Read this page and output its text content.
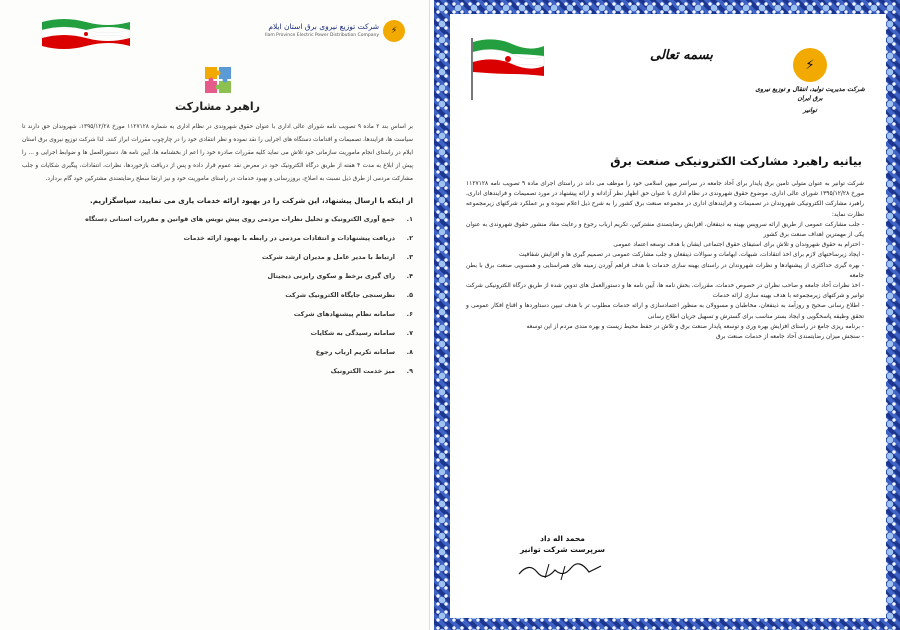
⚡
شرکت توزیع نیروی برق استان ایلام
Ilam Province Electric Power Distribution Company
راهبرد مشارکت

بر اساس بند ۲ ماده ۹ تصویب نامه شورای عالی اداری با عنوان حقوق شهروندی در نظام اداری به شماره ۱۱۲۷۱۲۸ مورخ ۱۳۹۵/۱۲/۲۸، شهروندان حق دارند تا سیاست ها، فرایندها، تصمیمات و اقدامات دستگاه های اجرایی را نقد نموده و نظر انتقادی خود را در چارچوب مقررات ابراز کنند. لذا شرکت توزیع نیروی برق استان ایلام در راستای انجام ماموریت سازمانی خود تلاش می نماید کلیه مقررات صادره خود را اعم از بخشنامه ها، آیین نامه ها، دستورالعمل ها و ضوابط اجرایی و ... را پیش از ابلاغ به مدت ۴ هفته از طریق درگاه الکترونیک خود در معرض نقد عموم قرار داده و پس از دریافت بازخوردها، نظرات، انتقادات، پیگیری شکایات و جلب مشارکت مردمی از طرق ذیل نسبت به اصلاح، بروزرسانی و بهبود خدمات در راستای ماموریت خود و نیز ارتقا سطح رضایتمندی مشترکین خود گام بردارد.

از اینکه با ارسال پیشنهاد، این شرکت را در بهبود ارائه خدمات یاری می نمایید، سپاسگزاریم.
۱.
جمع آوری الکترونیک و تحلیل نظرات مردمی روی پیش نویس های قوانین و مقررات استانی دستگاه
۲.
دریافت پیشنهادات و انتقادات مردمی در رابطه با بهبود ارائه خدمات
۳.
ارتباط با مدیر عامل و مدیران ارشد شرکت
۴.
رای گیری برخط و سکوی رایزنی دیجیتال
۵.
نظرسنجی جایگاه الکترونیک شرکت
۶.
سامانه نظام پیشنهادهای شرکت
۷.
سامانه رسیدگی به شکایات
۸.
سامانه تکریم ارباب رجوع
۹.
میز خدمت الکترونیک
بسمه تعالی
⚡
شرکت مدیریت تولید، انتقال و توزیع نیروی برق ایران
توانیر
بیانیه راهبرد مشارکت الکترونیکی صنعت برق

شرکت توانیر به عنوان متولی تامین برق پایدار برای آحاد جامعه در سراسر میهن اسلامی خود را موظف می داند در راستای اجرای ماده ۹ تصویب نامه ۱۱۲۷۱۲۸ مورخ ۱۳۹۵/۱۲/۲۸ شورای عالی اداری، موضوع حقوق شهروندی در نظام اداری با عنوان حق اظهار نظر آزادانه و ارائه پیشنهاد در مورد تصمیمات و فرایندهای اداری، راهبرد مشارکت الکترونیکی شهروندان در تصمیمات و فرایندهای اداری در مجموعه صنعت برق کشور را به شرح ذیل اعلام نموده و بر عملکرد شرکتهای زیرمجموعه نظارت نماید:

- جلب مشارکت عمومی از طریق ارائه سرویس بهینه به ذینفعان، افزایش رضایتمندی مشترکین، تکریم ارباب رجوع و رعایت مفاد منشور حقوق شهروندی به عنوان یکی از مهمترین اهداف صنعت برق کشور

- احترام به حقوق شهروندان و تلاش برای استیفای حقوق اجتماعی ایشان با هدف توسعه اعتماد عمومی

- ایجاد زیرساختهای لازم برای اخذ انتقادات، شبهات، ابهامات و سوالات ذینفعان و جلب مشارکت عمومی در تصمیم گیری ها و افزایش شفافیت

- بهره گیری حداکثری از پیشنهادها و نظرات شهروندان در راستای بهینه سازی خدمات با هدف فراهم آوردن زمینه های همراستایی و همسویی صنعت برق با بطن جامعه

- اخذ نظرات آحاد جامعه و صاحب نظران در خصوص خدمات، مقررات، بخش نامه ها، آیین نامه ها و دستورالعمل های تدوین شده از طریق درگاه الکترونیکی شرکت توانیر و شرکتهای زیرمجموعه با هدف بهینه سازی ارائه خدمات

- اطلاع رسانی صحیح و روزآمد به ذینفعان، مخاطبان و مسوولان به منظور اعتمادسازی و ارائه خدمات مطلوب تر با هدف تبیین دستاوردها و اقناع افکار عمومی و تحقق وظیفه پاسخگویی و ایجاد بستر مناسب برای گسترش و تسهیل جریان اطلاع رسانی

- برنامه ریزی جامع در راستای افزایش بهره وری و توسعه پایدار صنعت برق و تلاش در حفظ محیط زیست و بهره مندی مردم از این توسعه

- سنجش میزان رضایتمندی آحاد جامعه از خدمات صنعت برق

محمد اله داد
سرپرست شرکت توانیر
